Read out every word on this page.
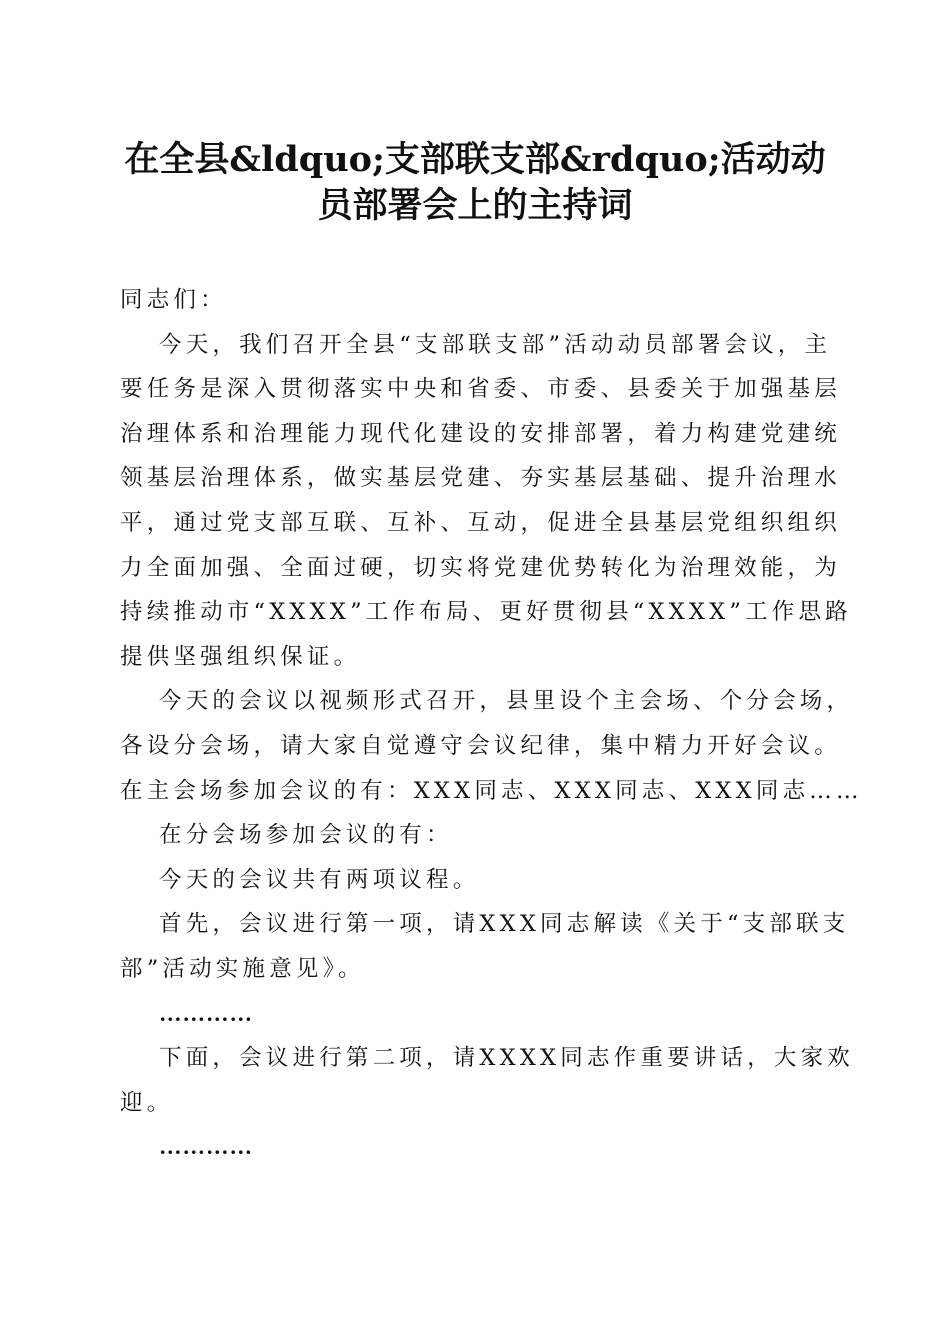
在全县&ldquo;支部联支部&rdquo;活动动
员部署会上的主持词
同志们：
今天，我们召开全县“支部联支部”活动动员部署会议，主
要任务是深入贯彻落实中央和省委、市委、县委关于加强基层
治理体系和治理能力现代化建设的安排部署，着力构建党建统
领基层治理体系，做实基层党建、夯实基层基础、提升治理水
平，通过党支部互联、互补、互动，促进全县基层党组织组织
力全面加强、全面过硬，切实将党建优势转化为治理效能，为
持续推动市“XXXX”工作布局、更好贯彻县“XXXX”工作思路
提供坚强组织保证。
今天的会议以视频形式召开，县里设个主会场、个分会场，
各设分会场，请大家自觉遵守会议纪律，集中精力开好会议。
在主会场参加会议的有：XXX同志、XXX同志、XXX同志……
在分会场参加会议的有：
今天的会议共有两项议程。
首先，会议进行第一项，请XXX同志解读《关于“支部联支
部”活动实施意见》。
…………
下面，会议进行第二项，请XXXX同志作重要讲话，大家欢
迎。
…………
